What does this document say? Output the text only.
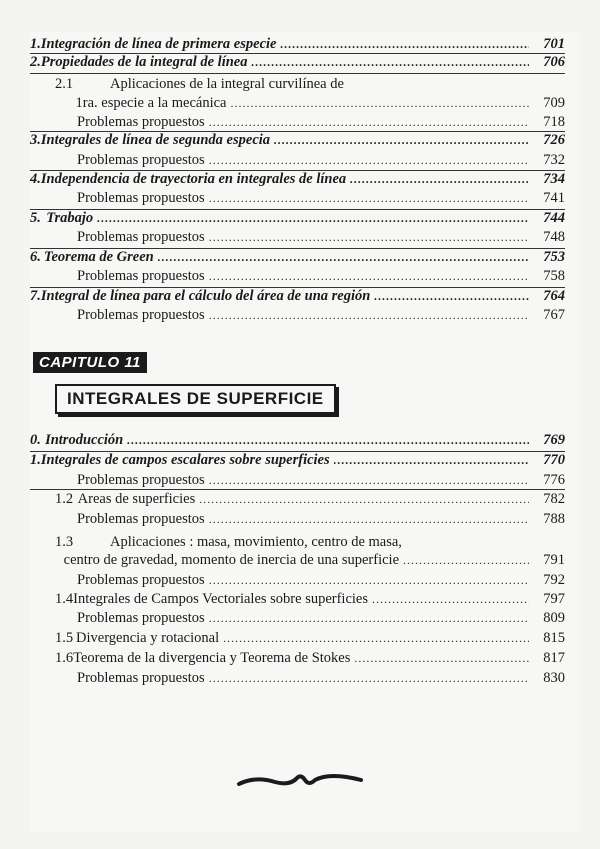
1. Integración de línea de primera especie .....	701
2. Propiedades de la integral de línea .....	706
2.1	Aplicaciones de la integral curvilínea de
1ra. especie a la mecánica .....	709
Problemas propuestos .....	718
3. Integrales de línea de segunda especia .....	726
Problemas propuestos .....	732
4. Independencia de trayectoria en integrales de línea .....	734
Problemas propuestos .....	741
5. Trabajo .....	744
Problemas propuestos .....	748
6. Teorema de Green .....	753
Problemas propuestos .....	758
7. Integral de línea para el cálculo del área de una región .....	764
Problemas propuestos .....	767
CAPITULO 11
INTEGRALES DE SUPERFICIE
0. Introducción .....	769
1. Integrales de campos escalares sobre superficies .....	770
Problemas propuestos .....	776
1.2 Areas de superficies .....	782
Problemas propuestos .....	788
1.3	Aplicaciones : masa, movimiento, centro de masa,
centro de gravedad, momento de inercia de una superficie .....	791
Problemas propuestos .....	792
1.4 Integrales de Campos Vectoriales sobre superficies .....	797
Problemas propuestos .....	809
1.5 Divergencia y rotacional .....	815
1.6 Teorema de la divergencia y Teorema de Stokes .....	817
Problemas propuestos .....	830
